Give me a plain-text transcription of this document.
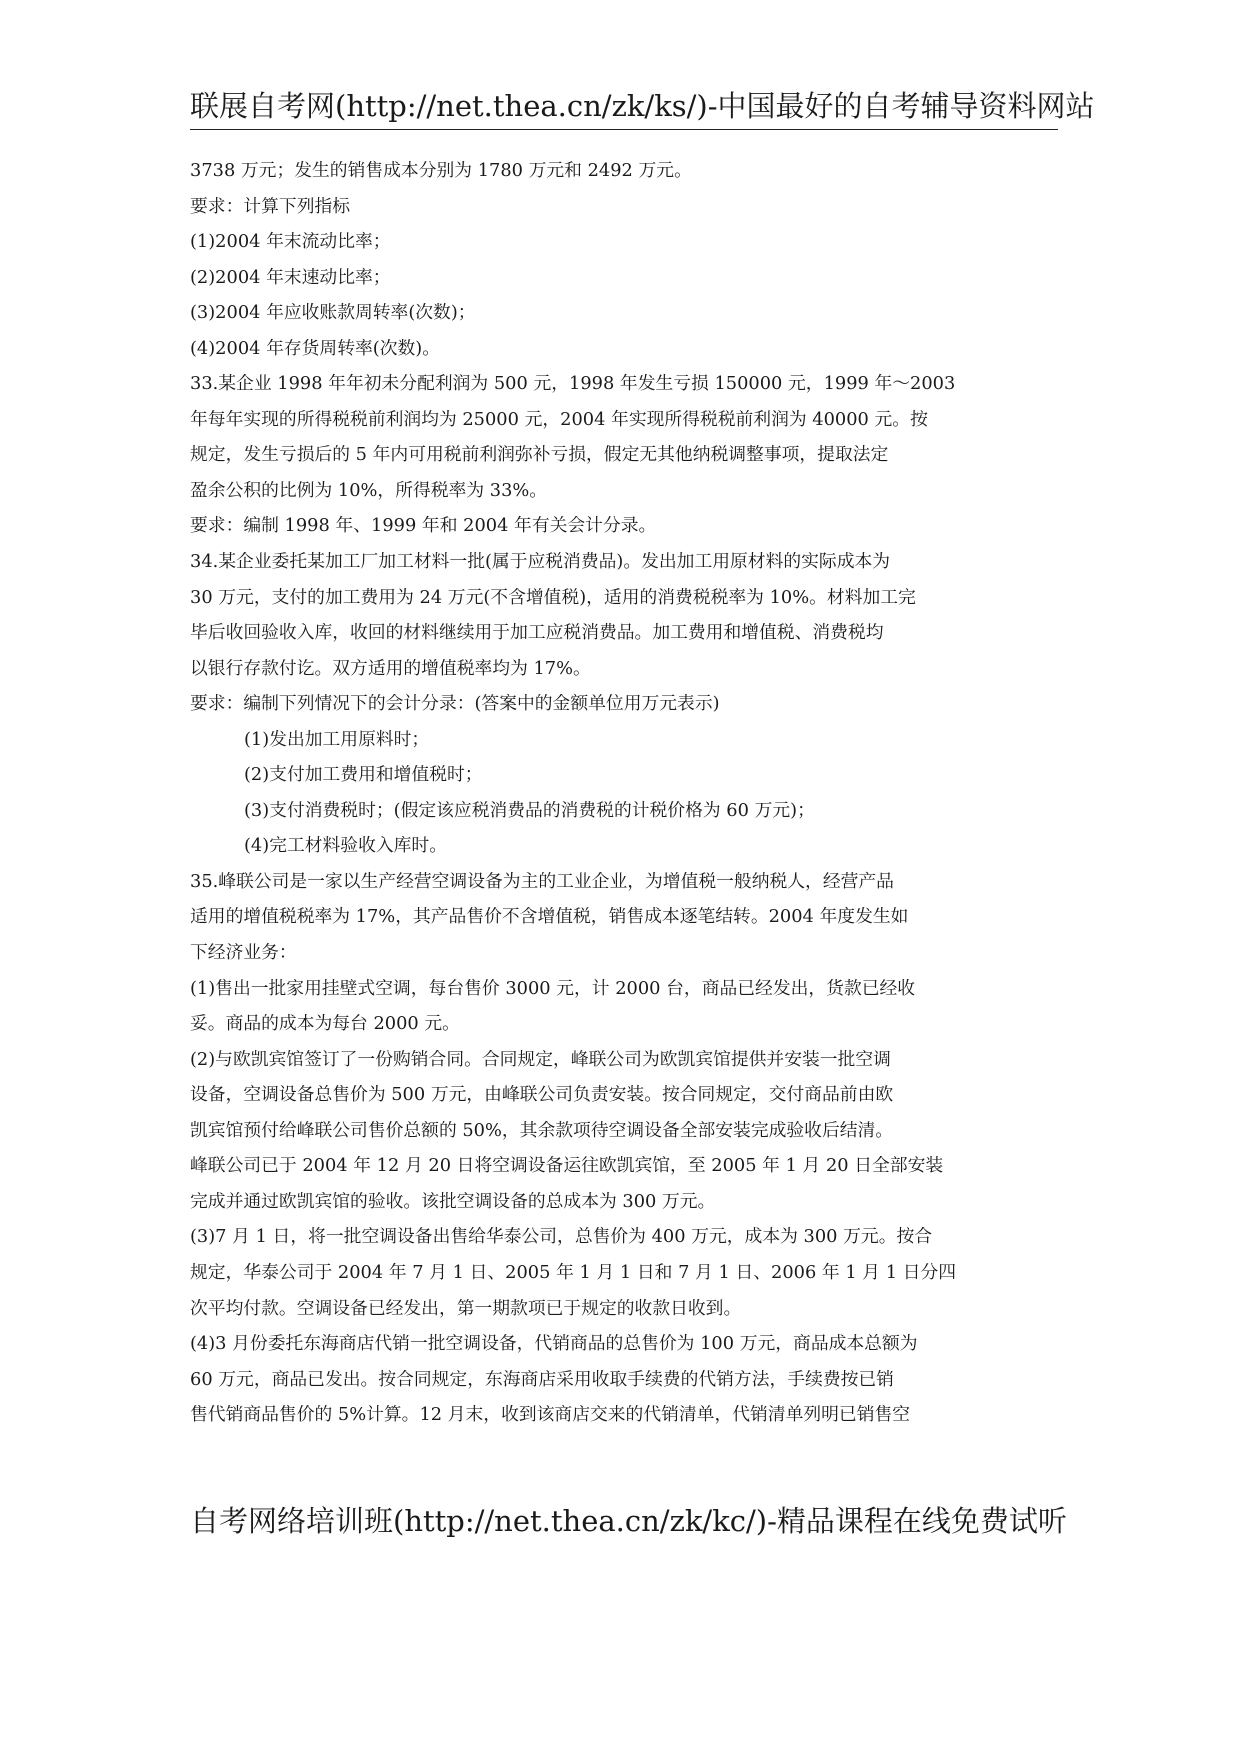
联展自考网(http://net.thea.cn/zk/ks/)-中国最好的自考辅导资料网站
3738 万元；发生的销售成本分别为 1780 万元和 2492 万元。
要求：计算下列指标
(1)2004 年末流动比率；
(2)2004 年末速动比率；
(3)2004 年应收账款周转率(次数)；
(4)2004 年存货周转率(次数)。
33.某企业 1998 年年初未分配利润为 500 元，1998 年发生亏损 150000 元，1999 年～2003
年每年实现的所得税税前利润均为 25000 元，2004 年实现所得税税前利润为 40000 元。按
规定，发生亏损后的 5 年内可用税前利润弥补亏损，假定无其他纳税调整事项，提取法定
盈余公积的比例为 10%，所得税率为 33%。
要求：编制 1998 年、1999 年和 2004 年有关会计分录。
34.某企业委托某加工厂加工材料一批(属于应税消费品)。发出加工用原材料的实际成本为
30 万元，支付的加工费用为 24 万元(不含增值税)，适用的消费税税率为 10%。材料加工完
毕后收回验收入库，收回的材料继续用于加工应税消费品。加工费用和增值税、消费税均
以银行存款付讫。双方适用的增值税率均为 17%。
要求：编制下列情况下的会计分录：(答案中的金额单位用万元表示)
(1)发出加工用原料时；
(2)支付加工费用和增值税时；
(3)支付消费税时；(假定该应税消费品的消费税的计税价格为 60 万元)；
(4)完工材料验收入库时。
35.峰联公司是一家以生产经营空调设备为主的工业企业，为增值税一般纳税人，经营产品
适用的增值税税率为 17%，其产品售价不含增值税，销售成本逐笔结转。2004 年度发生如
下经济业务：
(1)售出一批家用挂壁式空调，每台售价 3000 元，计 2000 台，商品已经发出，货款已经收
妥。商品的成本为每台 2000 元。
(2)与欧凯宾馆签订了一份购销合同。合同规定，峰联公司为欧凯宾馆提供并安装一批空调
设备，空调设备总售价为 500 万元，由峰联公司负责安装。按合同规定，交付商品前由欧
凯宾馆预付给峰联公司售价总额的 50%，其余款项待空调设备全部安装完成验收后结清。
峰联公司已于 2004 年 12 月 20 日将空调设备运往欧凯宾馆，至 2005 年 1 月 20 日全部安装
完成并通过欧凯宾馆的验收。该批空调设备的总成本为 300 万元。
(3)7 月 1 日，将一批空调设备出售给华泰公司，总售价为 400 万元，成本为 300 万元。按合
规定，华泰公司于 2004 年 7 月 1 日、2005 年 1 月 1 日和 7 月 1 日、2006 年 1 月 1 日分四
次平均付款。空调设备已经发出，第一期款项已于规定的收款日收到。
(4)3 月份委托东海商店代销一批空调设备，代销商品的总售价为 100 万元，商品成本总额为
60 万元，商品已发出。按合同规定，东海商店采用收取手续费的代销方法，手续费按已销
售代销商品售价的 5%计算。12 月末，收到该商店交来的代销清单，代销清单列明已销售空
自考网络培训班(http://net.thea.cn/zk/kc/)-精品课程在线免费试听
